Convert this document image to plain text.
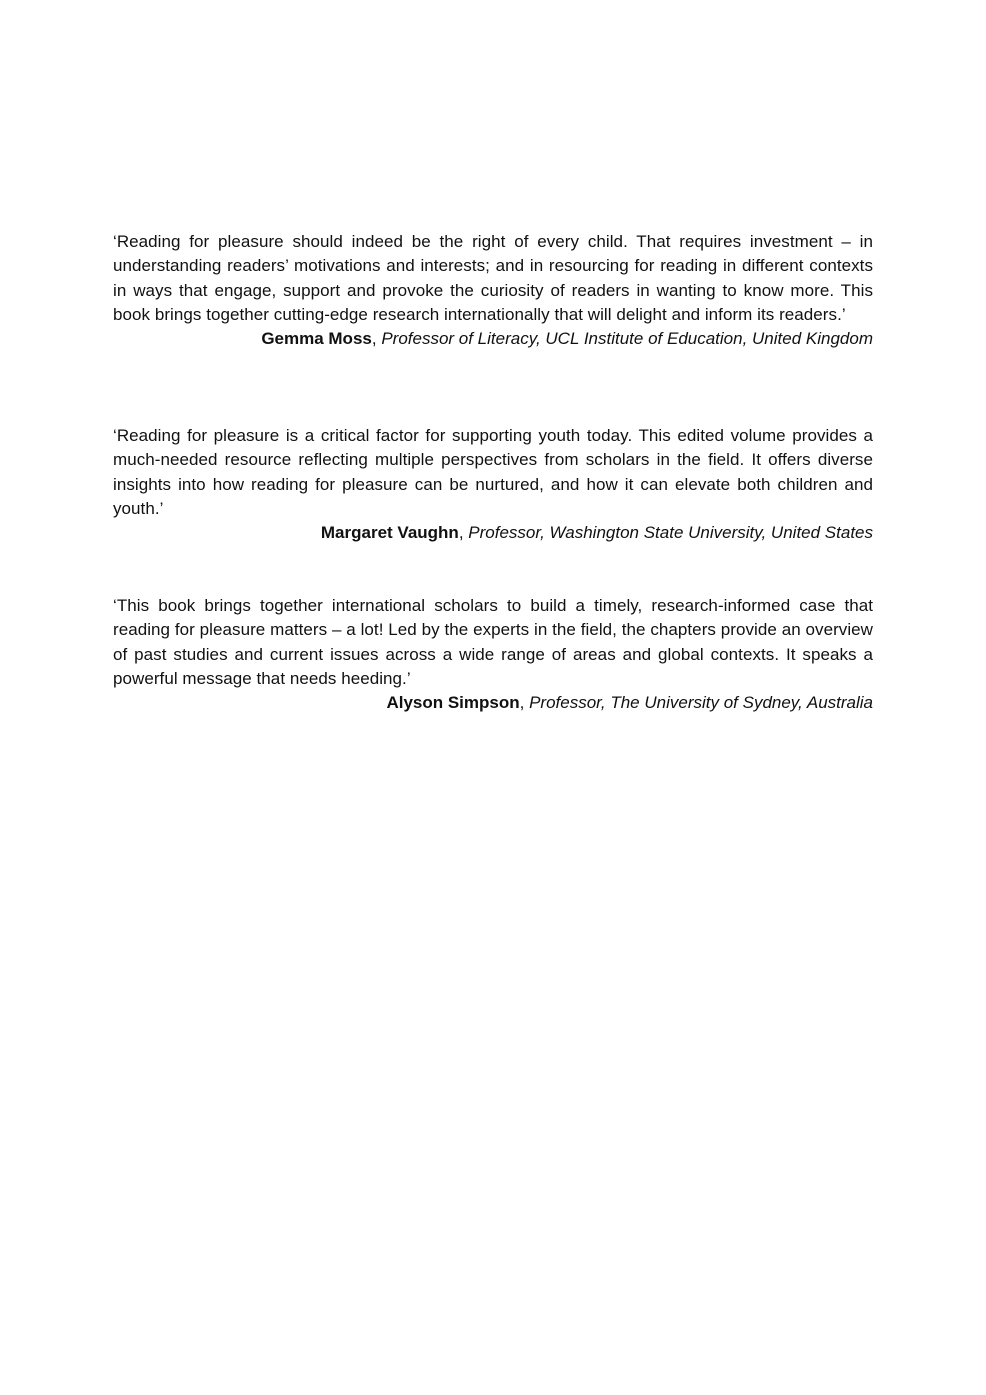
‘Reading for pleasure should indeed be the right of every child. That requires investment – in understanding readers’ motivations and interests; and in resourcing for reading in different contexts in ways that engage, support and provoke the curiosity of readers in wanting to know more. This book brings together cutting-edge research internationally that will delight and inform its readers.’

Gemma Moss, Professor of Literacy, UCL Institute of Education, United Kingdom

‘Reading for pleasure is a critical factor for supporting youth today. This edited volume provides a much-needed resource reflecting multiple perspectives from scholars in the field. It offers diverse insights into how reading for pleasure can be nurtured, and how it can elevate both children and youth.’

Margaret Vaughn, Professor, Washington State University, United States

‘This book brings together international scholars to build a timely, research-informed case that reading for pleasure matters – a lot! Led by the experts in the field, the chapters provide an overview of past studies and current issues across a wide range of areas and global contexts. It speaks a powerful message that needs heeding.’

Alyson Simpson, Professor, The University of Sydney, Australia
